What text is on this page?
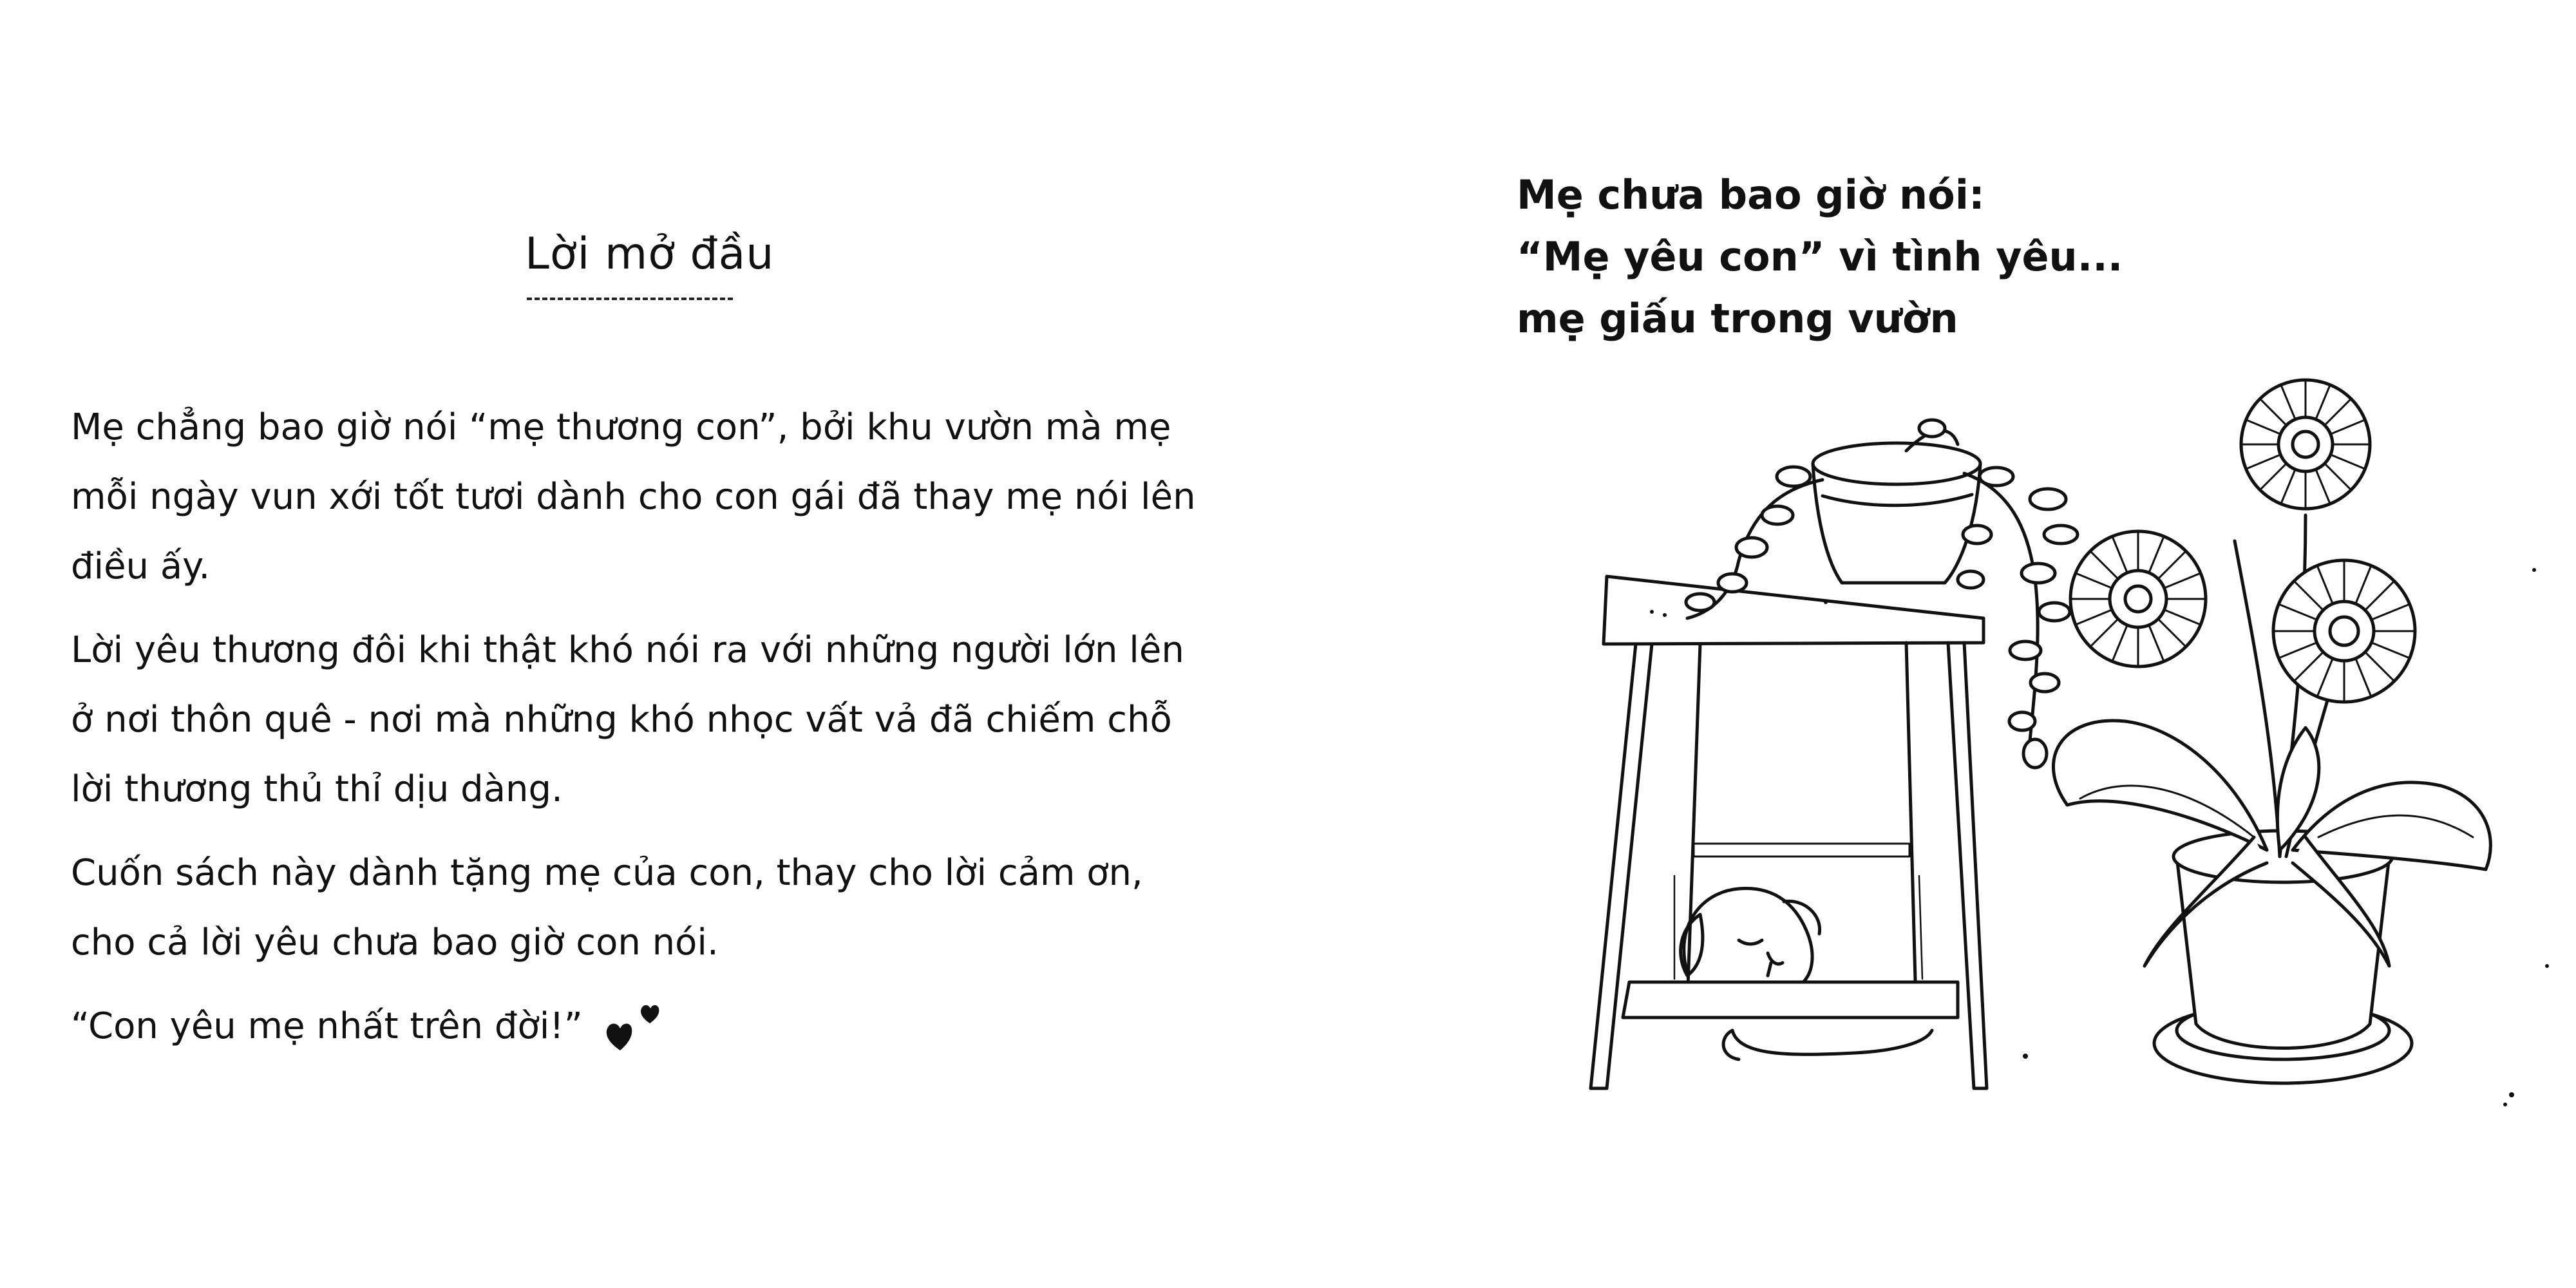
Lời mở đầu

Mẹ chẳng bao giờ nói “mẹ thương con”, bởi khu vườn mà mẹ mỗi ngày vun xới tốt tươi dành cho con gái đã thay mẹ nói lên điều ấy.

Lời yêu thương đôi khi thật khó nói ra với những người lớn lên ở nơi thôn quê - nơi mà những khó nhọc vất vả đã chiếm chỗ lời thương thủ thỉ dịu dàng.

Cuốn sách này dành tặng mẹ của con, thay cho lời cảm ơn, cho cả lời yêu chưa bao giờ con nói.

“Con yêu mẹ nhất trên đời!”
Mẹ chưa bao giờ nói:
“Mẹ yêu con” vì tình yêu...
mẹ giấu trong vườn
